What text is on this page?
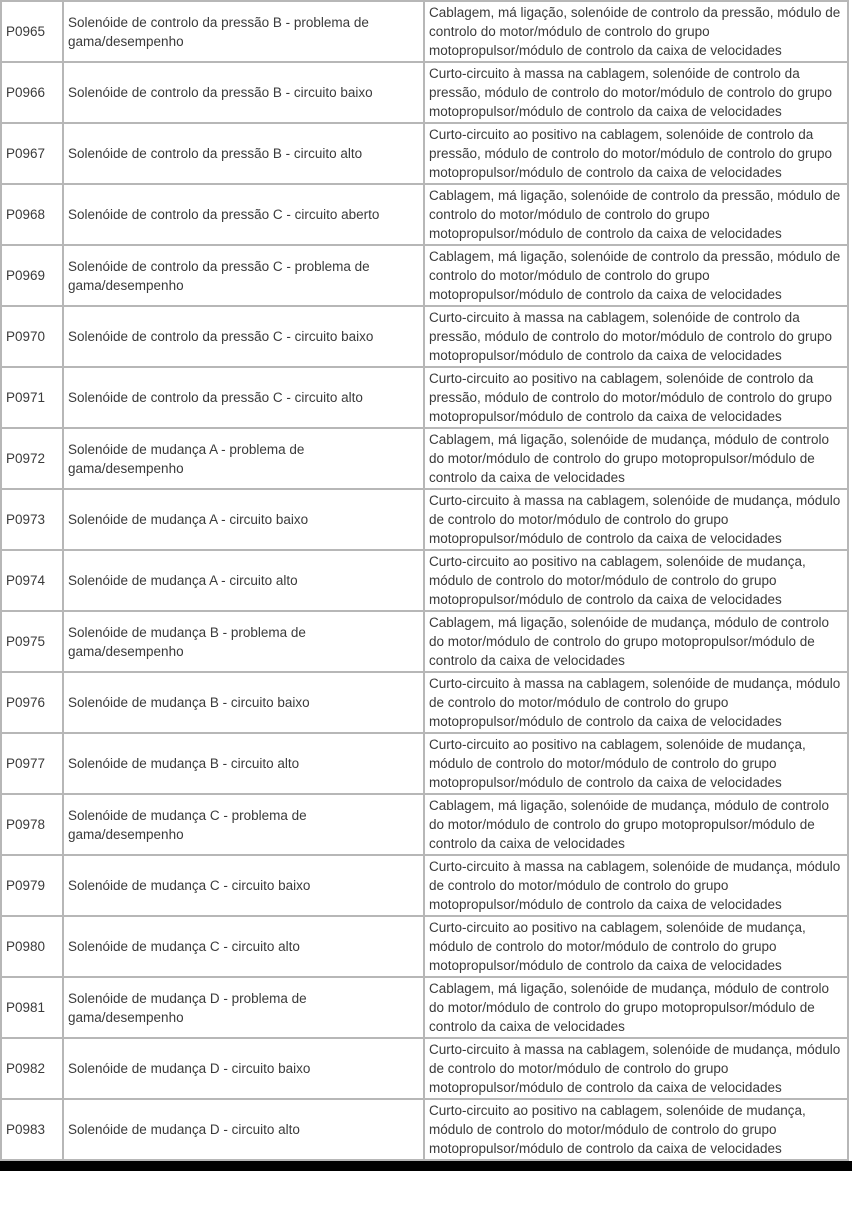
P0965	Solenóide de controlo da pressão B - problema de gama/desempenho	Cablagem, má ligação, solenóide de controlo da pressão, módulo de controlo do motor/módulo de controlo do grupo motopropulsor/módulo de controlo da caixa de velocidades
P0966	Solenóide de controlo da pressão B - circuito baixo	Curto-circuito à massa na cablagem, solenóide de controlo da pressão, módulo de controlo do motor/módulo de controlo do grupo motopropulsor/módulo de controlo da caixa de velocidades
P0967	Solenóide de controlo da pressão B - circuito alto	Curto-circuito ao positivo na cablagem, solenóide de controlo da pressão, módulo de controlo do motor/módulo de controlo do grupo motopropulsor/módulo de controlo da caixa de velocidades
P0968	Solenóide de controlo da pressão C - circuito aberto	Cablagem, má ligação, solenóide de controlo da pressão, módulo de controlo do motor/módulo de controlo do grupo motopropulsor/módulo de controlo da caixa de velocidades
P0969	Solenóide de controlo da pressão C - problema de gama/desempenho	Cablagem, má ligação, solenóide de controlo da pressão, módulo de controlo do motor/módulo de controlo do grupo motopropulsor/módulo de controlo da caixa de velocidades
P0970	Solenóide de controlo da pressão C - circuito baixo	Curto-circuito à massa na cablagem, solenóide de controlo da pressão, módulo de controlo do motor/módulo de controlo do grupo motopropulsor/módulo de controlo da caixa de velocidades
P0971	Solenóide de controlo da pressão C - circuito alto	Curto-circuito ao positivo na cablagem, solenóide de controlo da pressão, módulo de controlo do motor/módulo de controlo do grupo motopropulsor/módulo de controlo da caixa de velocidades
P0972	Solenóide de mudança A - problema de gama/desempenho	Cablagem, má ligação, solenóide de mudança, módulo de controlo do motor/módulo de controlo do grupo motopropulsor/módulo de controlo da caixa de velocidades
P0973	Solenóide de mudança A - circuito baixo	Curto-circuito à massa na cablagem, solenóide de mudança, módulo de controlo do motor/módulo de controlo do grupo motopropulsor/módulo de controlo da caixa de velocidades
P0974	Solenóide de mudança A - circuito alto	Curto-circuito ao positivo na cablagem, solenóide de mudança, módulo de controlo do motor/módulo de controlo do grupo motopropulsor/módulo de controlo da caixa de velocidades
P0975	Solenóide de mudança B - problema de gama/desempenho	Cablagem, má ligação, solenóide de mudança, módulo de controlo do motor/módulo de controlo do grupo motopropulsor/módulo de controlo da caixa de velocidades
P0976	Solenóide de mudança B - circuito baixo	Curto-circuito à massa na cablagem, solenóide de mudança, módulo de controlo do motor/módulo de controlo do grupo motopropulsor/módulo de controlo da caixa de velocidades
P0977	Solenóide de mudança B - circuito alto	Curto-circuito ao positivo na cablagem, solenóide de mudança, módulo de controlo do motor/módulo de controlo do grupo motopropulsor/módulo de controlo da caixa de velocidades
P0978	Solenóide de mudança C - problema de gama/desempenho	Cablagem, má ligação, solenóide de mudança, módulo de controlo do motor/módulo de controlo do grupo motopropulsor/módulo de controlo da caixa de velocidades
P0979	Solenóide de mudança C - circuito baixo	Curto-circuito à massa na cablagem, solenóide de mudança, módulo de controlo do motor/módulo de controlo do grupo motopropulsor/módulo de controlo da caixa de velocidades
P0980	Solenóide de mudança C - circuito alto	Curto-circuito ao positivo na cablagem, solenóide de mudança, módulo de controlo do motor/módulo de controlo do grupo motopropulsor/módulo de controlo da caixa de velocidades
P0981	Solenóide de mudança D - problema de gama/desempenho	Cablagem, má ligação, solenóide de mudança, módulo de controlo do motor/módulo de controlo do grupo motopropulsor/módulo de controlo da caixa de velocidades
P0982	Solenóide de mudança D - circuito baixo	Curto-circuito à massa na cablagem, solenóide de mudança, módulo de controlo do motor/módulo de controlo do grupo motopropulsor/módulo de controlo da caixa de velocidades
P0983	Solenóide de mudança D - circuito alto	Curto-circuito ao positivo na cablagem, solenóide de mudança, módulo de controlo do motor/módulo de controlo do grupo motopropulsor/módulo de controlo da caixa de velocidades
